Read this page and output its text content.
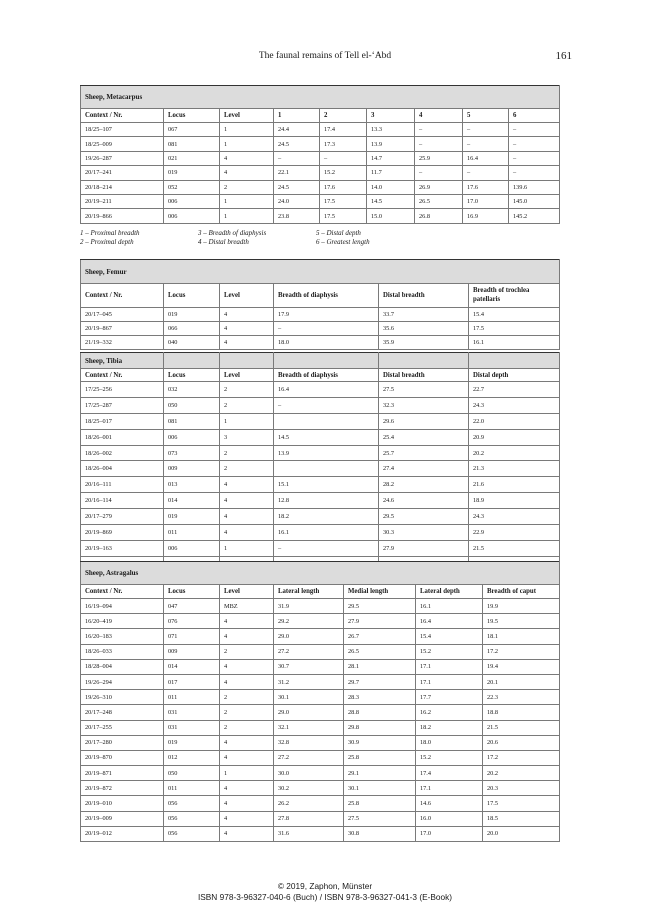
The faunal remains of Tell el-‘Abd	161
Sheep, Metacarpus								
Context / Nr.	Locus	Level	1	2	3	4	5	6
18/25–107	067	1	24.4	17.4	13.3	–	–	–
18/25–009	081	1	24.5	17.3	13.9	–	–	–
19/26–287	021	4	–	–	14.7	25.9	16.4	–
20/17–241	019	4	22.1	15.2	11.7	–	–	–
20/18–214	052	2	24.5	17.6	14.0	26.9	17.6	139.6
20/19–211	006	1	24.0	17.5	14.5	26.5	17.0	145.0
20/19–866	006	1	23.8	17.5	15.0	26.8	16.9	145.2
1 – Proximal breadth
2 – Proximal depth
3 – Breadth of diaphysis
4 – Distal breadth
5 – Distal depth
6 – Greatest length
Sheep, Femur					
Context / Nr.	Locus	Level	Breadth of diaphysis	Distal breadth	Breadth of trochlea patellaris
20/17–045	019	4	17.9	33.7	15.4
20/19–867	066	4	–	35.6	17.5
21/19–332	040	4	18.0	35.9	16.1
Sheep, Tibia					
Context / Nr.	Locus	Level	Breadth of diaphysis	Distal breadth	Distal depth
17/25–256	032	2	16.4	27.5	22.7
17/25–287	050	2	–	32.3	24.3
18/25–017	081	1		29.6	22.0
18/26–001	006	3	14.5	25.4	20.9
18/26–002	073	2	13.9	25.7	20.2
18/26–004	009	2		27.4	21.3
20/16–111	013	4	15.1	28.2	21.6
20/16–114	014	4	12.8	24.6	18.9
20/17–279	019	4	18.2	29.5	24.3
20/19–869	011	4	16.1	30.3	22.9
20/19–163	006	1	–	27.9	21.5

Sheep, Astragalus						
Context / Nr.	Locus	Level	Lateral length	Medial length	Lateral depth	Breadth of caput
16/19–094	047	MBZ	31.9	29.5	16.1	19.9
16/20–419	076	4	29.2	27.9	16.4	19.5
16/20–183	071	4	29.0	26.7	15.4	18.1
18/26–033	009	2	27.2	26.5	15.2	17.2
18/28–004	014	4	30.7	28.1	17.1	19.4
19/26–294	017	4	31.2	29.7	17.1	20.1
19/26–310	011	2	30.1	28.3	17.7	22.3
20/17–248	031	2	29.0	28.8	16.2	18.8
20/17–255	031	2	32.1	29.8	18.2	21.5
20/17–280	019	4	32.8	30.9	18.0	20.6
20/19–870	012	4	27.2	25.8	15.2	17.2
20/19–871	050	1	30.0	29.1	17.4	20.2
20/19–872	011	4	30.2	30.1	17.1	20.3
20/19–010	056	4	26.2	25.8	14.6	17.5
20/19–009	056	4	27.8	27.5	16.0	18.5
20/19–012	056	4	31.6	30.8	17.0	20.0
© 2019, Zaphon, Münster
ISBN 978-3-96327-040-6 (Buch) / ISBN 978-3-96327-041-3 (E-Book)
